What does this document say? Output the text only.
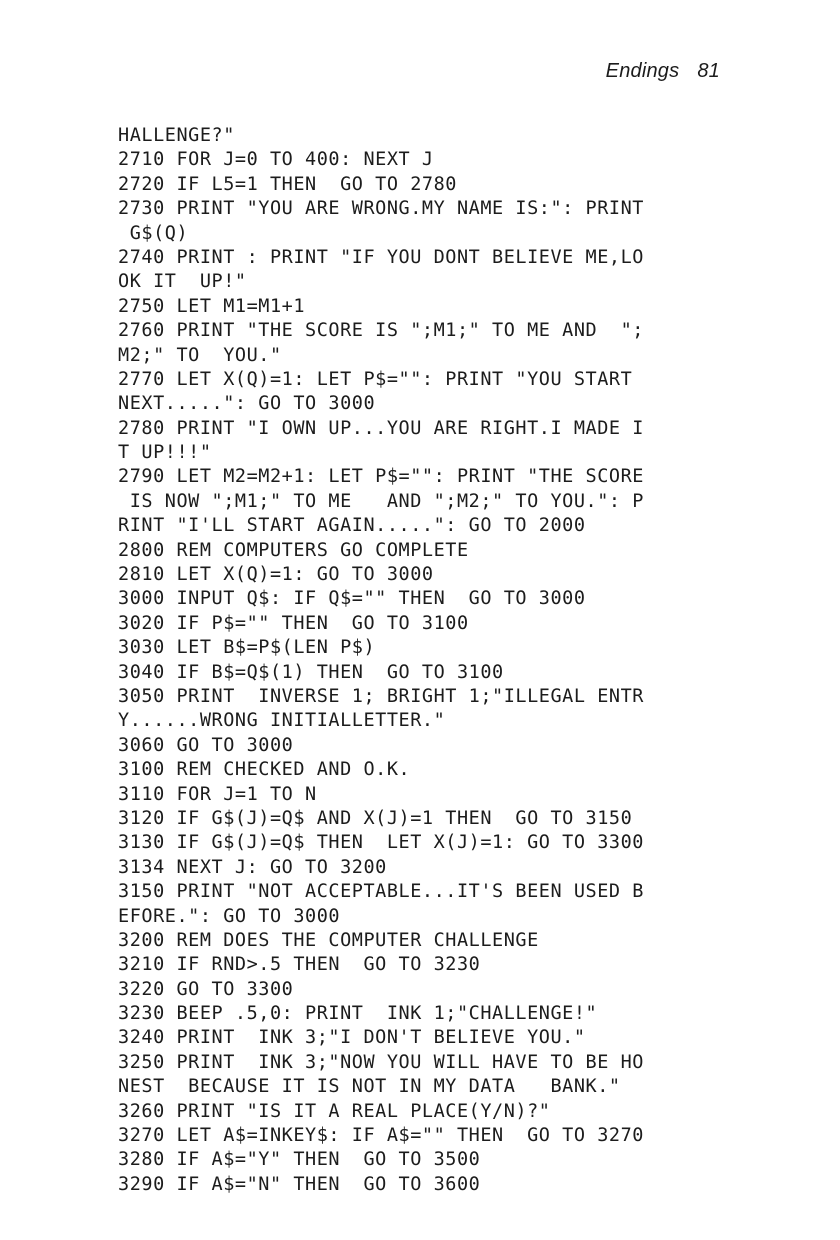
Endings 81
HALLENGE?"
2710 FOR J=0 TO 400: NEXT J
2720 IF L5=1 THEN  GO TO 2780
2730 PRINT "YOU ARE WRONG.MY NAME IS:": PRINT
G$(Q)
2740 PRINT : PRINT "IF YOU DONT BELIEVE ME,LO
OK IT  UP!"
2750 LET M1=M1+1
2760 PRINT "THE SCORE IS ";M1;" TO ME AND  ";
M2;" TO  YOU."
2770 LET X(Q)=1: LET P$="": PRINT "YOU START
NEXT.....": GO TO 3000
2780 PRINT "I OWN UP...YOU ARE RIGHT.I MADE I
T UP!!!"
2790 LET M2=M2+1: LET P$="": PRINT "THE SCORE
IS NOW ";M1;" TO ME   AND ";M2;" TO YOU.": P
RINT "I'LL START AGAIN.....": GO TO 2000
2800 REM COMPUTERS GO COMPLETE
2810 LET X(Q)=1: GO TO 3000
3000 INPUT Q$: IF Q$="" THEN  GO TO 3000
3020 IF P$="" THEN  GO TO 3100
3030 LET B$=P$(LEN P$)
3040 IF B$=Q$(1) THEN  GO TO 3100
3050 PRINT  INVERSE 1; BRIGHT 1;"ILLEGAL ENTR
Y......WRONG INITIALLETTER."
3060 GO TO 3000
3100 REM CHECKED AND O.K.
3110 FOR J=1 TO N
3120 IF G$(J)=Q$ AND X(J)=1 THEN  GO TO 3150
3130 IF G$(J)=Q$ THEN  LET X(J)=1: GO TO 3300
3134 NEXT J: GO TO 3200
3150 PRINT "NOT ACCEPTABLE...IT'S BEEN USED B
EFORE.": GO TO 3000
3200 REM DOES THE COMPUTER CHALLENGE
3210 IF RND>.5 THEN  GO TO 3230
3220 GO TO 3300
3230 BEEP .5,0: PRINT  INK 1;"CHALLENGE!"
3240 PRINT  INK 3;"I DON'T BELIEVE YOU."
3250 PRINT  INK 3;"NOW YOU WILL HAVE TO BE HO
NEST  BECAUSE IT IS NOT IN MY DATA   BANK."
3260 PRINT "IS IT A REAL PLACE(Y/N)?"
3270 LET A$=INKEY$: IF A$="" THEN  GO TO 3270
3280 IF A$="Y" THEN  GO TO 3500
3290 IF A$="N" THEN  GO TO 3600
